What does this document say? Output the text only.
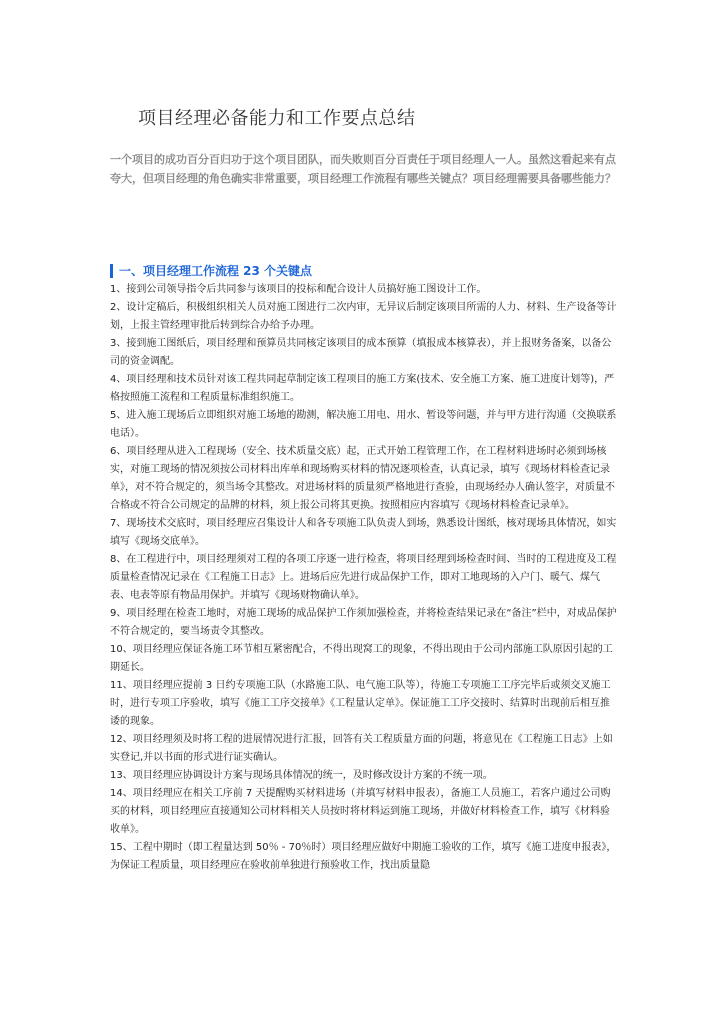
项目经理必备能力和工作要点总结

一个项目的成功百分百归功于这个项目团队，而失败则百分百责任于项目经理人一人。虽然这看起来有点夸大，但项目经理的角色确实非常重要，项目经理工作流程有哪些关键点？项目经理需要具备哪些能力？

一、项目经理工作流程 23 个关键点

1、接到公司领导指令后共同参与该项目的投标和配合设计人员搞好施工图设计工作。

2、设计定稿后，积极组织相关人员对施工图进行二次内审，无异议后制定该项目所需的人力、材料、生产设备等计划，上报主管经理审批后转到综合办给予办理。

3、接到施工图纸后，项目经理和预算员共同核定该项目的成本预算（填报成本核算表），并上报财务备案，以备公司的资金调配。

4、项目经理和技术员针对该工程共同起草制定该工程项目的施工方案(技术、安全施工方案、施工进度计划等)，严格按照施工流程和工程质量标准组织施工。

5、进入施工现场后立即组织对施工场地的勘测，解决施工用电、用水、暂设等问题，并与甲方进行沟通（交换联系电话）。

6、项目经理从进入工程现场（安全、技术质量交底）起，正式开始工程管理工作，在工程材料进场时必须到场核实，对施工现场的情况须按公司材料出库单和现场购买材料的情况逐项检查，认真记录，填写《现场材料检查记录单》，对不符合规定的，须当场令其整改。对进场材料的质量须严格地进行查验，由现场经办人确认签字，对质量不合格或不符合公司规定的品牌的材料，须上报公司将其更换。按照相应内容填写《现场材料检查记录单》。

7、现场技术交底时，项目经理应召集设计人和各专项施工队负责人到场，熟悉设计图纸，核对现场具体情况，如实填写《现场交底单》。

8、在工程进行中，项目经理须对工程的各项工序逐一进行检查，将项目经理到场检查时间、当时的工程进度及工程质量检查情况记录在《工程施工日志》上。进场后应先进行成品保护工作，即对工地现场的入户门、暖气、煤气表、电表等原有物品用保护。并填写《现场财物确认单》。

9、项目经理在检查工地时，对施工现场的成品保护工作须加强检查，并将检查结果记录在“备注”栏中，对成品保护不符合规定的，要当场责令其整改。

10、项目经理应保证各施工环节相互紧密配合，不得出现窝工的现象，不得出现由于公司内部施工队原因引起的工期延长。

11、项目经理应提前 3 日约专项施工队（水路施工队、电气施工队等），待施工专项施工工序完毕后或须交叉施工时，进行专项工序验收，填写《施工工序交接单》《工程量认定单》。保证施工工序交接时、结算时出现前后相互推诿的现象。

12、项目经理须及时将工程的进展情况进行汇报，回答有关工程质量方面的问题，将意见在《工程施工日志》上如实登记,并以书面的形式进行证实确认。

13、项目经理应协调设计方案与现场具体情况的统一，及时修改设计方案的不统一项。

14、项目经理应在相关工序前 7 天提醒购买材料进场（并填写材料申报表），备施工人员施工，若客户通过公司购买的材料，项目经理应直接通知公司材料相关人员按时将材料运到施工现场，并做好材料检查工作，填写《材料验收单》。

15、工程中期时（即工程量达到 50％ - 70％时）项目经理应做好中期施工验收的工作，填写《施工进度申报表》，为保证工程质量，项目经理应在验收前单独进行预验收工作，找出质量隐
